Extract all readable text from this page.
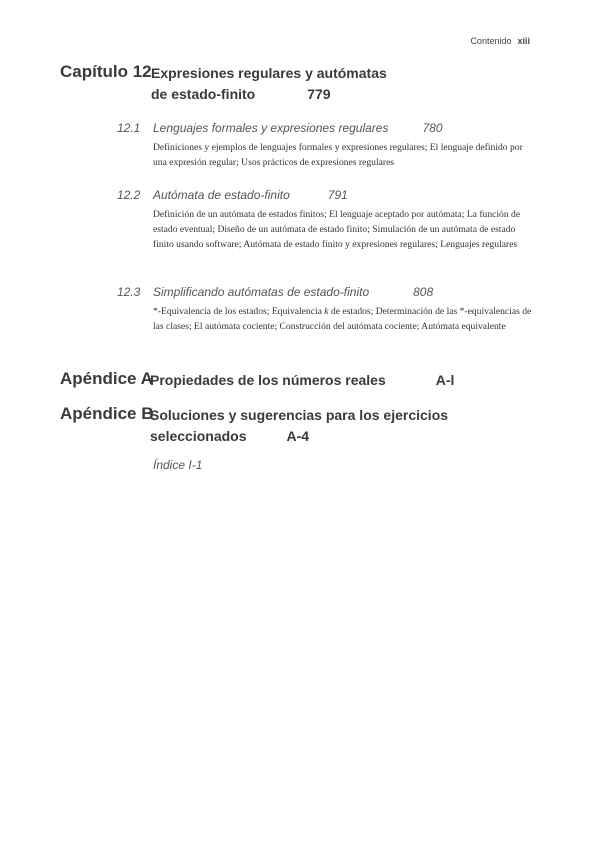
Contenido xiii
Capítulo 12 Expresiones regulares y autómatas
de estado-finito	779
12.1 Lenguajes formales y expresiones regulares	780
Definiciones y ejemplos de lenguajes formales y expresiones regulares; El lenguaje definido por una expresión regular; Usos prácticos de expresiones regulares
12.2 Autómata de estado-finito	791
Definición de un autómata de estados finitos; El lenguaje aceptado por autómata; La función de estado eventual; Diseño de un autómata de estado finito; Simulación de un autómata de estado finito usando software; Autómata de estado finito y expresiones regulares; Lenguajes regulares
12.3 Simplificando autómatas de estado-finito	808
*-Equivalencia de los estados; Equivalencia k de estados; Determinación de las *-equivalencias de las clases; El autómata cociente; Construcción del autómata cociente; Autómata equivalente
Apéndice A
Propiedades de los números reales	A-l
Apéndice B
Soluciones y sugerencias para los ejercicios
seleccionados	A-4
Índice I-1
